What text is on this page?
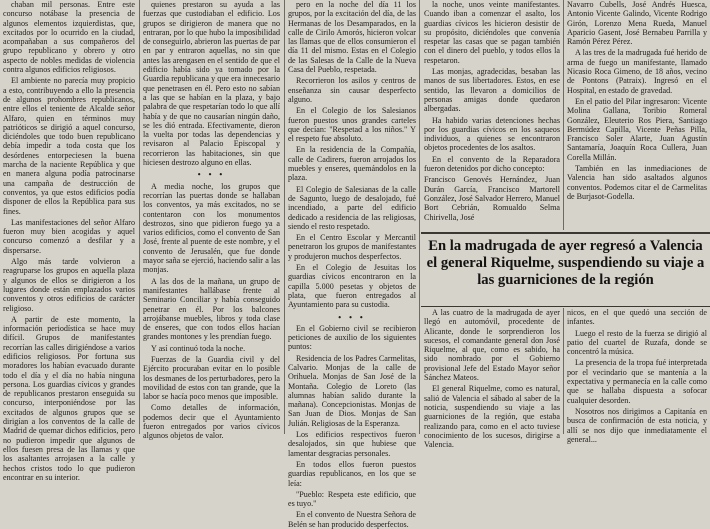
chaban mil personas. Entre este concurso notábase la presencia de algunos elementos izquierdistas, que, excitados por lo ocurrido en la ciudad, acompañaban a sus compañeros del grupo republicano y obrero y otro aspecto de nobles medidas de violencia contra algunos edificios religiosos.

El ambiente no parecía muy propicio a esto, contribuyendo a ello la presencia de algunos prohombres republicanos, entre ellos el teniente de Alcalde señor Alfaro, quien en términos muy patrióticos se dirigió a aquel concurso, diciéndoles que todo buen republicano debía impedir a toda costa que los desórdenes entorpeciesen la buena marcha de la naciente República y que en manera alguna podía patrocinarse una campaña de destrucción de conventos, ya que estos edificios podía disponer de ellos la República para sus fines.

Las manifestaciones del señor Alfaro fueron muy bien acogidas y aquel concurso comenzó a desfilar y a dispersarse.

Algo más tarde volvieron a reagruparse los grupos en aquella plaza y algunos de ellos se dirigieron a los lugares donde están emplazados varios conventos y otros edificios de carácter religioso.

A partir de este momento, la información periodística se hace muy difícil. Grupos de manifestantes recorrían las calles dirigiéndose a varios edificios religiosos. Por fortuna sus moradores los habían evacuado durante todo el día y el día no había ninguna persona. Los guardias cívicos y grandes de republicanos prestaron enseguida su concurso, interponiéndose por las excitados de algunos grupos que se dirigían a los conventos de la calle de Madrid de quemar dichos edificios, pero no pudieron impedir que algunos de ellos fuesen presa de las llamas y que los asaltantes arrojasen a la calle y hechos cristos todo lo que pudieron encontrar en su interior.

quienes prestaron su ayuda a las fuerzas que custodiaban el edificio. Los grupos se dirigieron de manera que no entraran, por lo que hubo la imposibilidad de conseguirlo, abrieron las puertas de par en par y entraron aquellas, no sin que antes las arengasen en el sentido de que el edificio había sido ya tomado por la Guardia republicana y que era innecesario que penetrasen en él. Pero esto no sabían a las que se habían en la plaza, y bajo palabra de que respetarían todo lo que allí había y de que no causarían ningún daño, se les dió entrada. Efectivamente, dieron la vuelta por todas las dependencias y revisaron al Palacio Episcopal y recorrieron las habitaciones, sin que hiciesen destrozo alguno en ellas.

• • •

A media noche, los grupos que recorrían las puertas donde se hallaban los conventos, ya más excitados, no se contentaron con los monumentos destrozos, sino que pidieron fuego ya a varios edificios, como el convento de San José, frente al puente de este nombre, y el convento de Jerusalén, que fue donde mayor saña se ejerció, haciendo salir a las monjas.

A las dos de la mañana, un grupo de manifestantes hallábase frente al Seminario Conciliar y había conseguido penetrar en él. Por los balcones arrojábanse muebles, libros y toda clase de enseres, que con todos ellos hacían grandes montones y les prendían fuego.

Y así continuó toda la noche.

Fuerzas de la Guardia civil y del Ejército procuraban evitar en lo posible los desmanes de los perturbadores, pero la movilidad de estos con tan grande, que la labor se hacía poco menos que imposible.

Como detalles de información, podemos decir que el Ayuntamiento fueron entregados por varios cívicos algunos objetos de valor.

pero en la noche del día 11 los grupos, por la excitación del día, de las Hermanas de los Desamparados, en la calle de Cirilo Amorós, hicieron volcar las llamas que de ellos consumieron el día 11 del mismo. Estas en el Colegio de las Salesas de la Calle de la Nueva Casa del Pueblo, respetada.

Recorrieron los asilos y centros de enseñanza sin causar desperfecto alguno.

En el Colegio de los Salesianos fueron puestos unos grandes carteles que decían: "Respetad a los niños." Y el respeto fue absoluto.

En la residencia de la Compañía, calle de Cadirers, fueron arrojados los muebles y enseres, quemándolos en la plaza.

El Colegio de Salesianas de la calle de Sagunto, luego de desalojado, fué incendiado, a parte del edificio dedicado a residencia de las religiosas, siendo el resto respetado.

En el Centro Escolar y Mercantil penetraron los grupos de manifestantes y produjeron muchos desperfectos.

En el Colegio de Jesuitas los guardias cívicos encontraron en la capilla 5.000 pesetas y objetos de plata, que fueron entregados al Ayuntamiento para su custodia.

• • •

En el Gobierno civil se recibieron peticiones de auxilio de los siguientes puntos:

Residencia de los Padres Carmelitas, Calvario. Monjas de la calle de Orihuela. Monjas de San José de la Montaña. Colegio de Loreto (las alumnas habían salido durante la mañana). Concepcionistas. Monjas de San Juan de Dios. Monjas de San Julián. Religiosas de la Esperanza.

Los edificios respectivos fueron desalojados, sin que hubiese que lamentar desgracias personales.

En todos ellos fueron puestos guardias republicanos, en los que se leía:

"Pueblo: Respeta este edificio, que es tuyo."

En el convento de Nuestra Señora de Belén se han producido desperfectos.

la noche, unos veinte manifestantes. Cuando iban a comenzar el asalto, los guardias cívicos les hicieron desistir de su propósito, diciéndoles que convenía respetar las casas que se pagan también con el dinero del pueblo, y todos ellos la respetaron.

Las monjas, agradecidas, besaban las manos de sus libertadores. Estos, en ese sentido, las llevaron a domicilios de personas amigas donde quedaron albergadas.

Ha habido varias detenciones hechas por los guardias cívicos en los saqueos individuos, a quienes se encontraron objetos procedentes de los asaltos.

En el convento de la Reparadora fueron detenidos por dicho concepto:

Francisco Genovés Hernández, Juan Durán García, Francisco Martorell González, José Salvador Herrero, Manuel Bort Cebrián, Romualdo Selma Chirivella, José

Navarro Cubells, José Andrés Huesca, Antonio Vicente Galindo, Vicente Rodrigo Girón, Lorenzo Mena Rueda, Manuel Aparicio Gasent, José Bernabeu Parrilla y Ramón Pérez Pérez.

A las tres de la madrugada fué herido de arma de fuego un manifestante, llamado Nicasio Roca Gimeno, de 18 años, vecino de Pontons (Patraix). Ingresó en el Hospital, en estado de gravedad.

En el patio del Pilar ingresaron: Vicente Molina Gallana, Toribio Romeral González, Eleuterio Ros Piera, Santiago Bermúdez Capilla, Vicente Peñas Pilla, Francisco Soler Alarte, Juan Agustín Santamaría, Joaquín Roca Cullera, Juan Corella Millán.

También en las inmediaciones de Valencia han sido asaltados algunos conventos. Podemos citar el de Carmelitas de Burjasot-Godella.

En la madrugada de ayer regresó a Valencia el general Riquelme, suspendiendo su viaje a las guarniciones de la región

A las cuatro de la madrugada de ayer llegó en automóvil, procedente de Alicante, donde le sorprendieron los sucesos, el comandante general don José Riquelme, al que, como es sabido, ha sido nombrado por el Gobierno provisional Jefe del Estado Mayor señor Sánchez Mateos.

El general Riquelme, como es natural, salió de Valencia el sábado al saber de la noticia, suspendiendo su viaje a las guarniciones de la región, que estaba realizando para, como en el acto tuviese conocimiento de los sucesos, dirigirse a Valencia.

nicos, en el que quedó una sección de infantes.

Luego el resto de la fuerza se dirigió al patio del cuartel de Ruzafa, donde se concentró la música.

La presencia de la tropa fué interpretada por el vecindario que se mantenía a la expectativa y permanecía en la calle como que se hallaba dispuesta a sofocar cualquier desorden.

Nosotros nos dirigimos a Capitanía en busca de confirmación de esta noticia, y allí se nos dijo que inmediatamente el general...
